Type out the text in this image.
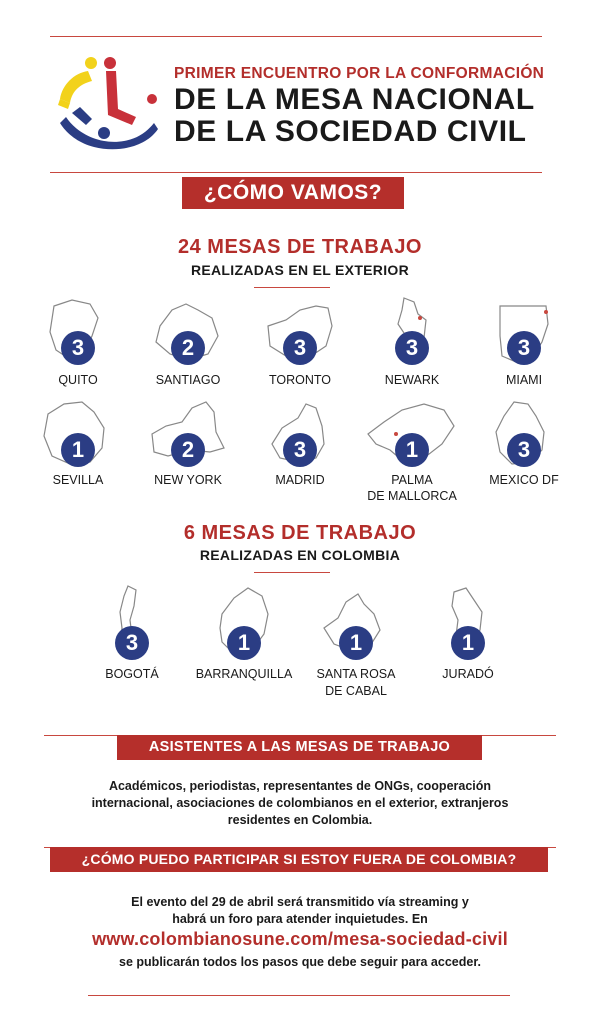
PRIMER ENCUENTRO POR LA CONFORMACIÓN
DE LA MESA NACIONAL
DE LA SOCIEDAD CIVIL
¿CÓMO VAMOS?
24 MESAS DE TRABAJO
REALIZADAS EN EL EXTERIOR
3
QUITO
2
SANTIAGO
3
TORONTO
3
NEWARK
3
MIAMI
1
SEVILLA
2
NEW YORK
3
MADRID
1
PALMA
DE MALLORCA
3
MEXICO DF
6 MESAS DE TRABAJO
REALIZADAS EN COLOMBIA
3
BOGOTÁ
1
BARRANQUILLA
1
SANTA ROSA
DE CABAL
1
JURADÓ
ASISTENTES A LAS MESAS DE TRABAJO
Académicos, periodistas, representantes de ONGs, cooperación
internacional, asociaciones de colombianos en el exterior, extranjeros
residentes en Colombia.
¿CÓMO PUEDO PARTICIPAR SI ESTOY FUERA DE COLOMBIA?
El evento del 29 de abril será transmitido vía streaming y
habrá un foro para atender inquietudes. En
www.colombianosune.com/mesa-sociedad-civil
se publicarán todos los pasos que debe seguir para acceder.
